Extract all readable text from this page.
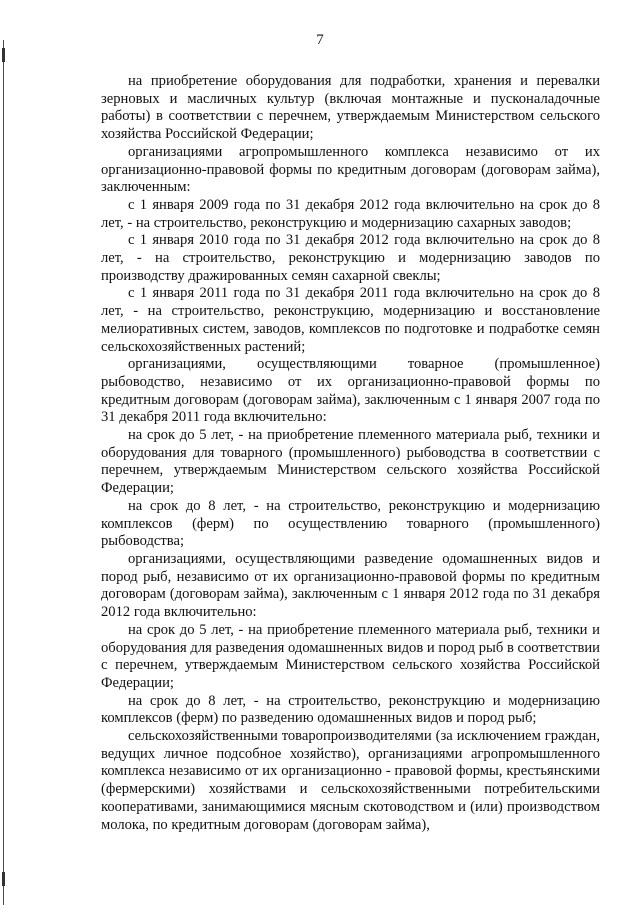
7

на приобретение оборудования для подработки, хранения и перевалки зерновых и масличных культур (включая монтажные и пусконаладочные работы) в соответствии с перечнем, утверждаемым Министерством сельского хозяйства Российской Федерации;

организациями агропромышленного комплекса независимо от их организационно-правовой формы по кредитным договорам (договорам займа), заключенным:

с 1 января 2009 года по 31 декабря 2012 года включительно на срок до 8 лет, - на строительство, реконструкцию и модернизацию сахарных заводов;

с 1 января 2010 года по 31 декабря 2012 года включительно на срок до 8 лет, - на строительство, реконструкцию и модернизацию заводов по производству дражированных семян сахарной свеклы;

с 1 января 2011 года по 31 декабря 2011 года включительно на срок до 8 лет, - на строительство, реконструкцию, модернизацию и восстановление мелиоративных систем, заводов, комплексов по подготовке и подработке семян сельскохозяйственных растений;

организациями, осуществляющими товарное (промышленное) рыбоводство, независимо от их организационно-правовой формы по кредитным договорам (договорам займа), заключенным с 1 января 2007 года по 31 декабря 2011 года включительно:

на срок до 5 лет, - на приобретение племенного материала рыб, техники и оборудования для товарного (промышленного) рыбоводства в соответствии с перечнем, утверждаемым Министерством сельского хозяйства Российской Федерации;

на срок до 8 лет, - на строительство, реконструкцию и модернизацию комплексов (ферм) по осуществлению товарного (промышленного) рыбоводства;

организациями, осуществляющими разведение одомашненных видов и пород рыб, независимо от их организационно-правовой формы по кредитным договорам (договорам займа), заключенным с 1 января 2012 года по 31 декабря 2012 года включительно:

на срок до 5 лет, - на приобретение племенного материала рыб, техники и оборудования для разведения одомашненных видов и пород рыб в соответствии с перечнем, утверждаемым Министерством сельского хозяйства Российской Федерации;

на срок до 8 лет, - на строительство, реконструкцию и модернизацию комплексов (ферм) по разведению одомашненных видов и пород рыб;

сельскохозяйственными товаропроизводителями (за исключением граждан, ведущих личное подсобное хозяйство), организациями агропромышленного комплекса независимо от их организационно - правовой формы, крестьянскими (фермерскими) хозяйствами и сельскохозяйственными потребительскими кооперативами, занимающимися мясным скотоводством и (или) производством молока, по кредитным договорам (договорам займа),
